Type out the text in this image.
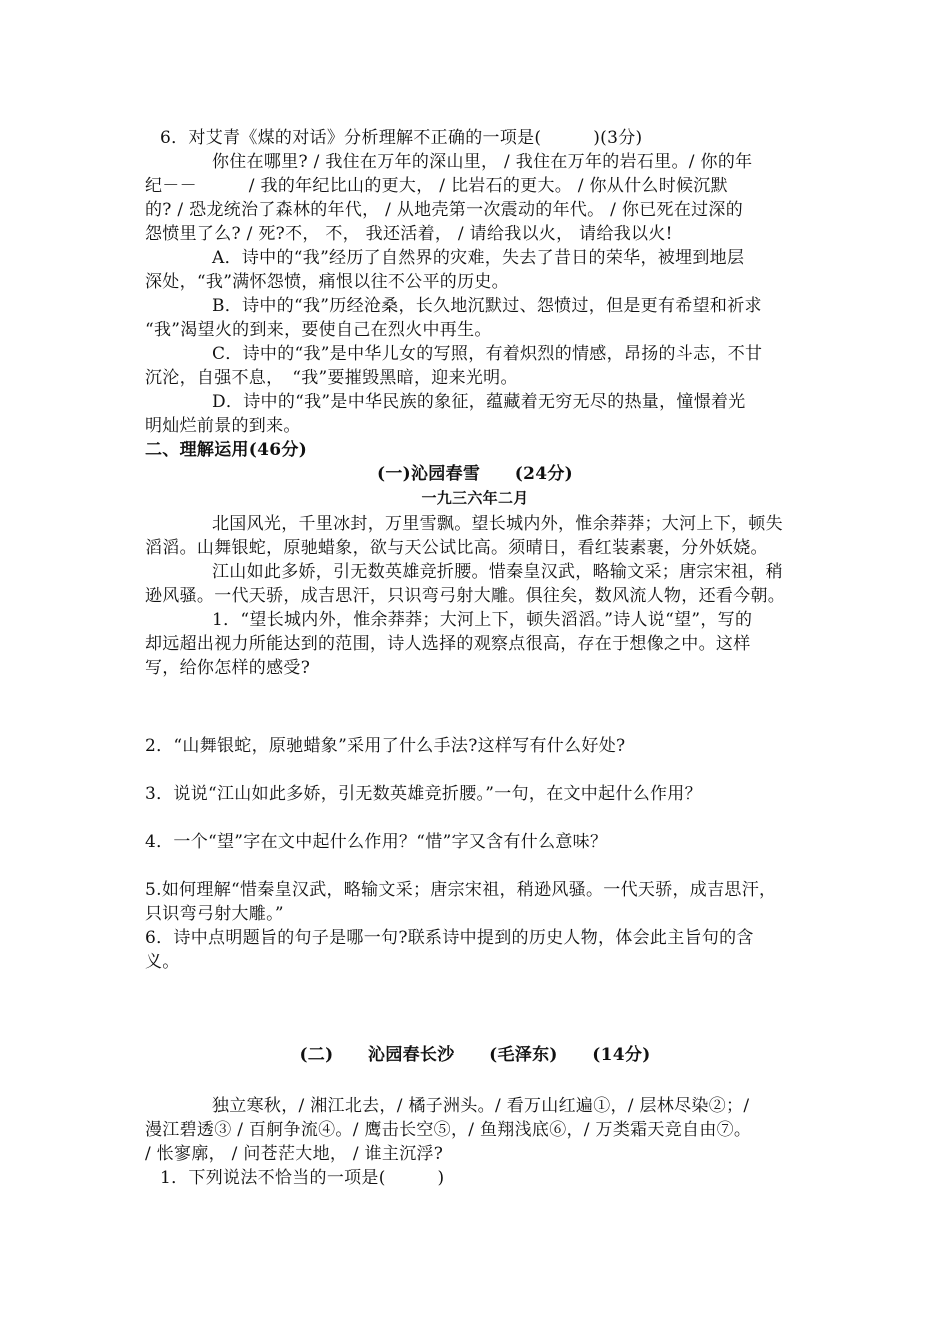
6．对艾青《煤的对话》分析理解不正确的一项是(　　　)(3分)
你住在哪里? / 我住在万年的深山里， / 我住在万年的岩石里。/ 你的年
纪－－　　　/ 我的年纪比山的更大， / 比岩石的更大。 / 你从什么时候沉默
的? / 恐龙统治了森林的年代， / 从地壳第一次震动的年代。 / 你已死在过深的
怨愤里了么? / 死?不， 不， 我还活着， / 请给我以火， 请给我以火!
A．诗中的“我”经历了自然界的灾难，失去了昔日的荣华，被埋到地层
深处，“我”满怀怨愤，痛恨以往不公平的历史。
B．诗中的“我”历经沧桑，长久地沉默过、怨愤过，但是更有希望和祈求
“我”渴望火的到来，要使自己在烈火中再生。
C．诗中的“我”是中华儿女的写照，有着炽烈的情感，昂扬的斗志，不甘
沉沦，自强不息，　“我”要摧毁黑暗，迎来光明。
D．诗中的“我”是中华民族的象征，蕴藏着无穷无尽的热量，憧憬着光
明灿烂前景的到来。
二、理解运用(46分)
(一)沁园春雪　　(24分)
一九三六年二月
北国风光，千里冰封，万里雪飘。望长城内外，惟余莽莽；大河上下，顿失
滔滔。山舞银蛇，原驰蜡象，欲与天公试比高。须晴日，看红装素裹，分外妖娆。
江山如此多娇，引无数英雄竞折腰。惜秦皇汉武，略输文采；唐宗宋祖，稍
逊风骚。一代天骄，成吉思汗，只识弯弓射大雕。俱往矣，数风流人物，还看今朝。
1．“望长城内外，惟余莽莽；大河上下，顿失滔滔。”诗人说“望”，写的
却远超出视力所能达到的范围，诗人选择的观察点很高，存在于想像之中。这样
写，给你怎样的感受?
2．“山舞银蛇，原驰蜡象”采用了什么手法?这样写有什么好处?
3．说说“江山如此多娇，引无数英雄竞折腰。”一句，在文中起什么作用？
4．一个“望”字在文中起什么作用？“惜”字又含有什么意味？
5.如何理解“惜秦皇汉武，略输文采；唐宗宋祖，稍逊风骚。一代天骄，成吉思汗，
只识弯弓射大雕。”
6．诗中点明题旨的句子是哪一句?联系诗中提到的历史人物，体会此主旨句的含
义。
(二)　　沁园春长沙　　(毛泽东)　　(14分)
独立寒秋，/ 湘江北去，/ 橘子洲头。/ 看万山红遍①，/ 层林尽染②；/
漫江碧透③ / 百舸争流④。/ 鹰击长空⑤，/ 鱼翔浅底⑥，/ 万类霜天竞自由⑦。
/ 怅寥廓， / 问苍茫大地， / 谁主沉浮?
1．下列说法不恰当的一项是(　　　)
